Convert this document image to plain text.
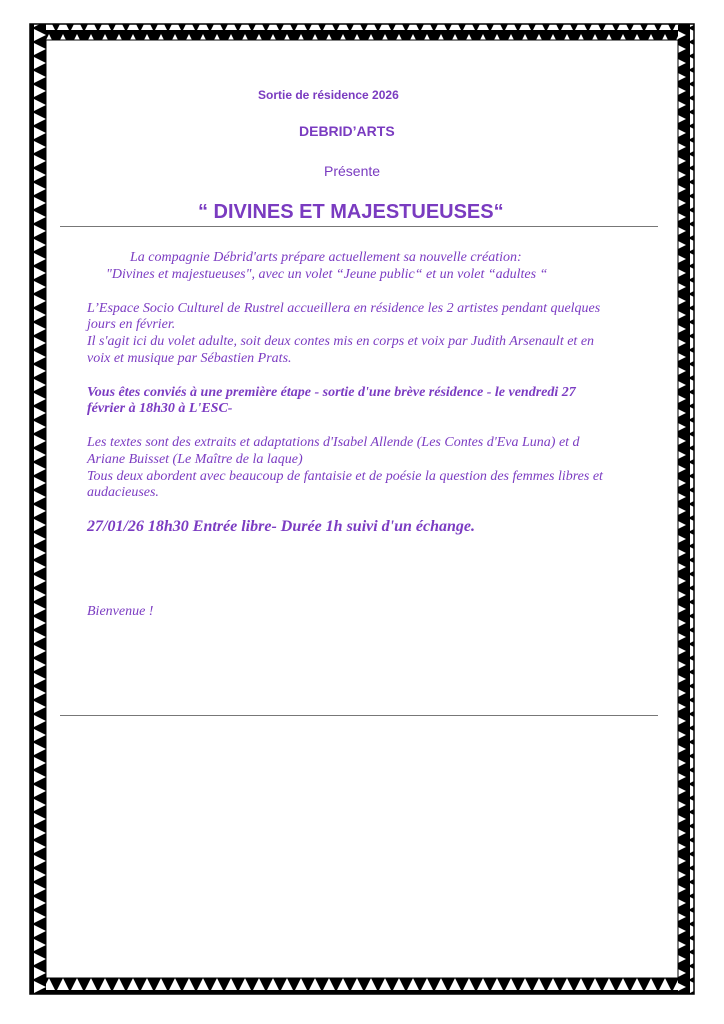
Sortie de résidence 2026
DEBRID’ARTS
Présente
“ DIVINES ET MAJESTUEUSES“
La compagnie Débrid'arts prépare actuellement sa nouvelle création:
"Divines et majestueuses", avec un volet “Jeune public“ et un volet “adultes “
L’Espace Socio Culturel de Rustrel accueillera en résidence les 2 artistes pendant quelques
jours en février.
Il s'agit ici du volet adulte, soit deux contes mis en corps et voix par Judith Arsenault et en
voix et musique par Sébastien Prats.
Vous êtes conviés à une première étape - sortie d'une brève résidence - le vendredi 27
février à 18h30 à L'ESC-
Les textes sont des extraits et adaptations d'Isabel Allende (Les Contes d'Eva Luna) et d
Ariane Buisset (Le Maître de la laque)
Tous deux abordent avec beaucoup de fantaisie et de poésie la question des femmes libres et
audacieuses.
27/01/26 18h30 Entrée libre- Durée 1h suivi d'un échange.
Bienvenue !
